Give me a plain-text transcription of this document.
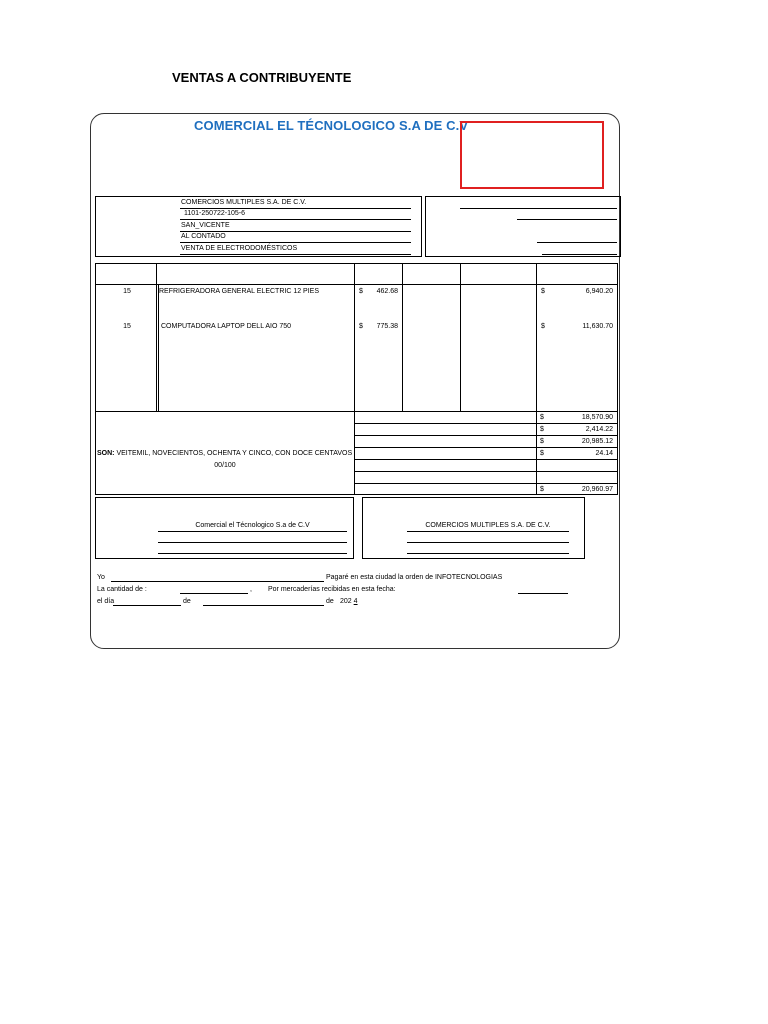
VENTAS A CONTRIBUYENTE
COMERCIAL EL TÉCNOLOGICO S.A DE C.V
COMERCIOS MULTIPLES S.A. DE C.V.
1101-250722-105-6
SAN_VICENTE
AL CONTADO
VENTA DE ELECTRODOMÉSTICOS
15	REFRIGERADORA GENERAL ELECTRIC 12 PIES	$	462.68	$	6,940.20
15	COMPUTADORA LAPTOP DELL AIO 750	$	775.38	$	11,630.70
$	18,570.90
$	2,414.22
$	20,985.12
$	24.14
$	20,960.97
SON: VEITEMIL, NOVECIENTOS, OCHENTA Y CINCO, CON DOCE CENTAVOS
00/100
Comercial el Técnologico S.a de C.V	COMERCIOS MULTIPLES S.A. DE C.V.
Yo	Pagaré en esta ciudad la orden de INFOTECNOLOGIAS
La cantidad de :	, Por mercaderías recibidas en esta fecha:
el día	de	de 202 4
